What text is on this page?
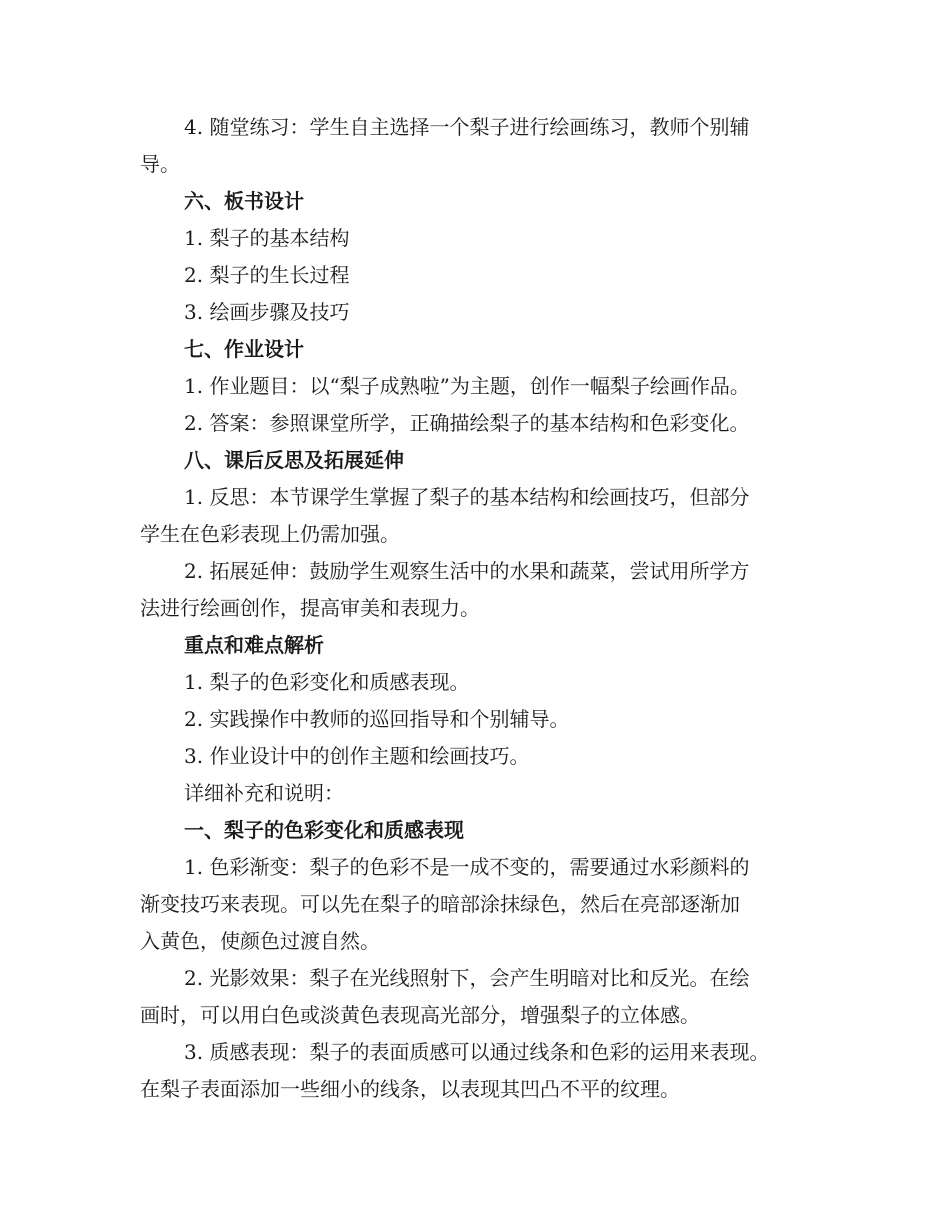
4. 随堂练习：学生自主选择一个梨子进行绘画练习，教师个别辅
导。
六、板书设计
1. 梨子的基本结构
2. 梨子的生长过程
3. 绘画步骤及技巧
七、作业设计
1. 作业题目：以“梨子成熟啦”为主题，创作一幅梨子绘画作品。
2. 答案：参照课堂所学，正确描绘梨子的基本结构和色彩变化。
八、课后反思及拓展延伸
1. 反思：本节课学生掌握了梨子的基本结构和绘画技巧，但部分
学生在色彩表现上仍需加强。
2. 拓展延伸：鼓励学生观察生活中的水果和蔬菜，尝试用所学方
法进行绘画创作，提高审美和表现力。
重点和难点解析
1. 梨子的色彩变化和质感表现。
2. 实践操作中教师的巡回指导和个别辅导。
3. 作业设计中的创作主题和绘画技巧。
详细补充和说明：
一、梨子的色彩变化和质感表现
1. 色彩渐变：梨子的色彩不是一成不变的，需要通过水彩颜料的
渐变技巧来表现。可以先在梨子的暗部涂抹绿色，然后在亮部逐渐加
入黄色，使颜色过渡自然。
2. 光影效果：梨子在光线照射下，会产生明暗对比和反光。在绘
画时，可以用白色或淡黄色表现高光部分，增强梨子的立体感。
3. 质感表现：梨子的表面质感可以通过线条和色彩的运用来表现。
在梨子表面添加一些细小的线条，以表现其凹凸不平的纹理。
